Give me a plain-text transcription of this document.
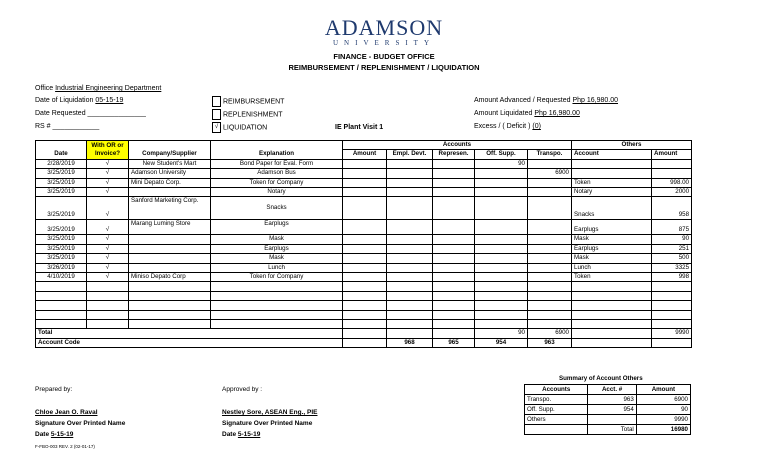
ADAMSON
UNIVERSITY
FINANCE - BUDGET OFFICE
REIMBURSEMENT / REPLENISHMENT / LIQUIDATION
Office Industrial Engineering Department
Date of Liquidation 05-15-19
Date Requested _______________
RS # ____________
REIMBURSEMENT
REPLENISHMENT
√ LIQUIDATION	IE Plant Visit 1
Amount Advanced / Requested Php 16,980.00
Amount Liquidated Php 16,980.00
Excess / ( Deficit ) (0)
	With OR or Invoice?			Accounts					Others	
Date		Company/Supplier	Explanation	Amount	Empl. Devt.	Represen.	Off. Supp.	Transpo.	Account	Amount
2/28/2019	√	New Student's Mart	Bond Paper for Eval. Form				90			
3/25/2019	√	Adamson University	Adamson Bus					6900		
3/25/2019	√	Mini Depato Corp.	Token for Company						Token	998.00
3/25/2019	√		Notary						Notary	2000
3/25/2019	√	Sanford Marketing Corp.	Snacks						Snacks	958
3/25/2019	√	Marang Luming Store	Earplugs						Earplugs	875
3/25/2019	√		Mask						Mask	90
3/25/2019	√		Earplugs						Earplugs	251
3/25/2019	√		Mask						Mask	500
3/26/2019	√		Lunch						Lunch	3325
4/10/2019	√	Miniso Depato Corp	Token for Company						Token	998

Total							90	6900		9990
Account Code					968	965	954	963		
Summary of Account Others
Accounts	Acct. #	Amount
Transpo.	963	6900
Off. Supp.	954	90
Others		9990
	Total	16980
Prepared by:
Chloe Jean O. Raval
Signature Over Printed Name
Date 5-15-19
Approved by :
Nestley Sore, ASEAN Eng., PIE
Signature Over Printed Name
Date 5-15-19
F-FBO-003 REV. 2 (02-01-17)
